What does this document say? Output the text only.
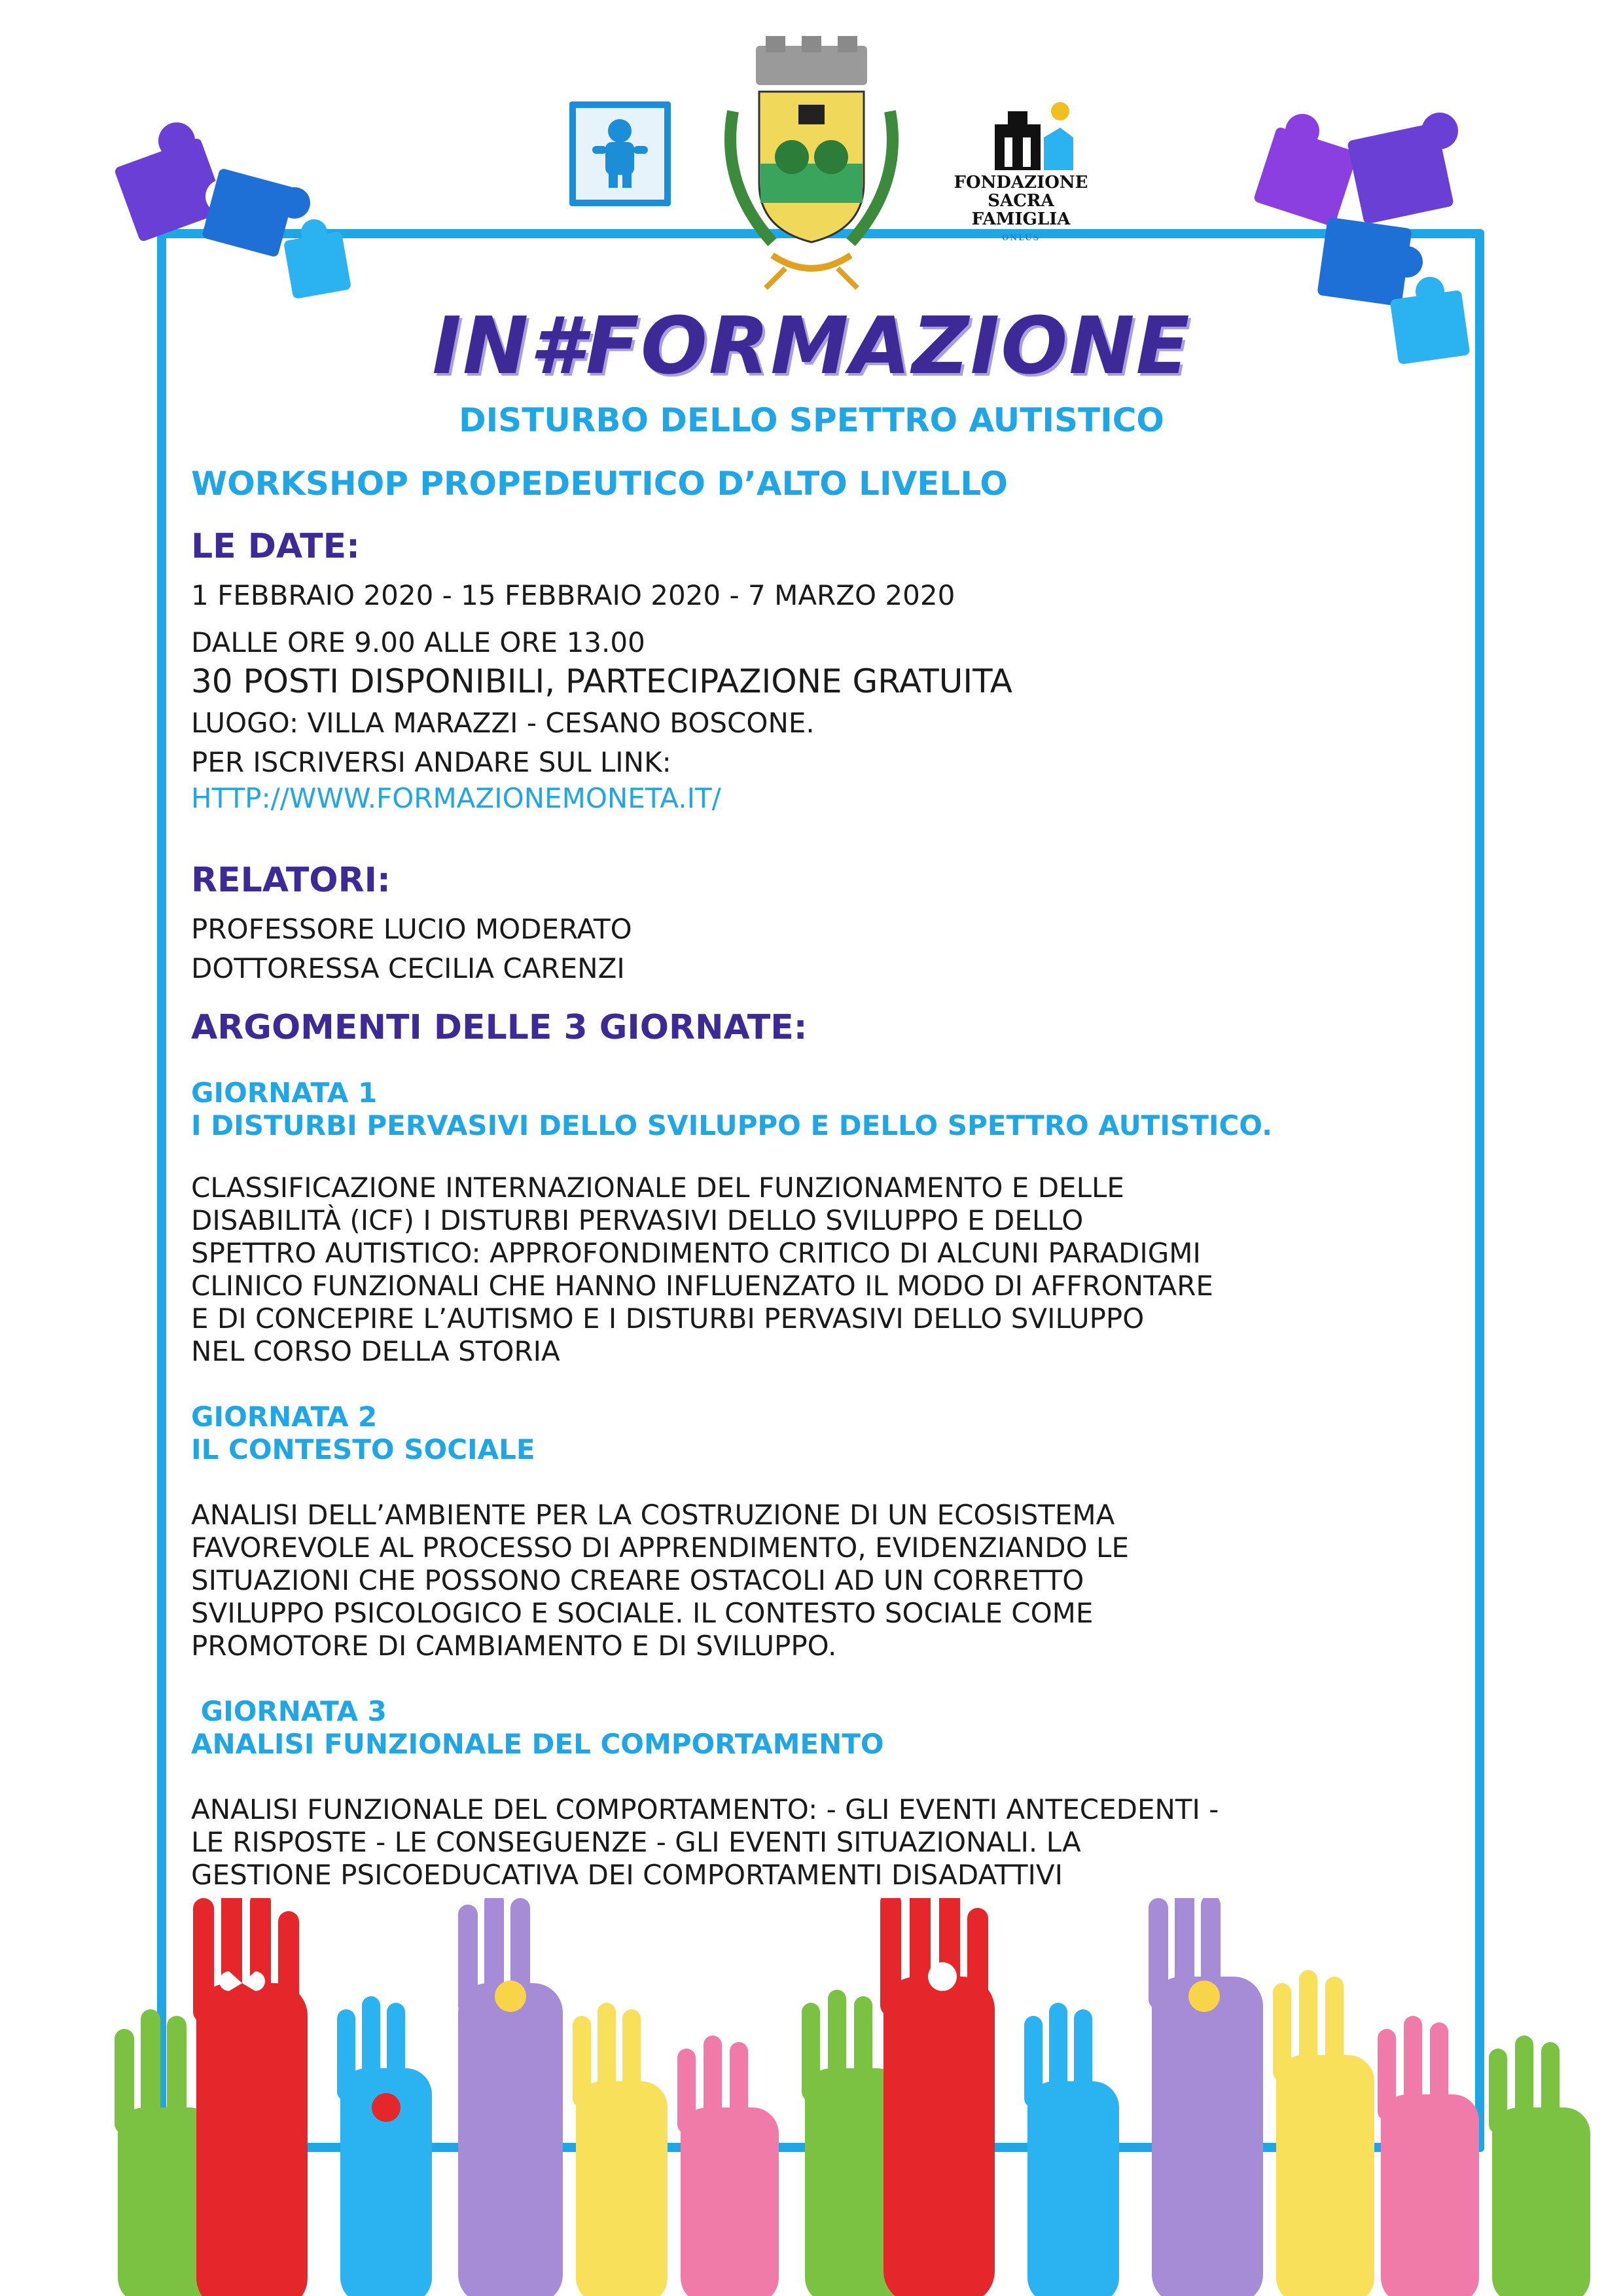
FONDAZIONE SACRA FAMIGLIA
ONLUS
IN#FORMAZIONE
DISTURBO DELLO SPETTRO AUTISTICO
WORKSHOP PROPEDEUTICO D’ALTO LIVELLO
LE DATE:
1 FEBBRAIO 2020 - 15 FEBBRAIO 2020 - 7 MARZO 2020
DALLE ORE 9.00 ALLE ORE 13.00
30 POSTI DISPONIBILI, PARTECIPAZIONE GRATUITA
LUOGO: VILLA MARAZZI - CESANO BOSCONE.
PER ISCRIVERSI ANDARE SUL LINK:
HTTP://WWW.FORMAZIONEMONETA.IT/
RELATORI:
PROFESSORE LUCIO MODERATO
DOTTORESSA CECILIA CARENZI
ARGOMENTI DELLE 3 GIORNATE:
GIORNATA 1
I DISTURBI PERVASIVI DELLO SVILUPPO E DELLO SPETTRO AUTISTICO.
CLASSIFICAZIONE INTERNAZIONALE DEL FUNZIONAMENTO E DELLE
DISABILITÀ (ICF) I DISTURBI PERVASIVI DELLO SVILUPPO E DELLO
SPETTRO AUTISTICO: APPROFONDIMENTO CRITICO DI ALCUNI PARADIGMI
CLINICO FUNZIONALI CHE HANNO INFLUENZATO IL MODO DI AFFRONTARE
E DI CONCEPIRE L’AUTISMO E I DISTURBI PERVASIVI DELLO SVILUPPO
NEL CORSO DELLA STORIA
GIORNATA 2
IL CONTESTO SOCIALE
ANALISI DELL’AMBIENTE PER LA COSTRUZIONE DI UN ECOSISTEMA
FAVOREVOLE AL PROCESSO DI APPRENDIMENTO, EVIDENZIANDO LE
SITUAZIONI CHE POSSONO CREARE OSTACOLI AD UN CORRETTO
SVILUPPO PSICOLOGICO E SOCIALE. IL CONTESTO SOCIALE COME
PROMOTORE DI CAMBIAMENTO E DI SVILUPPO.
GIORNATA 3
ANALISI FUNZIONALE DEL COMPORTAMENTO
ANALISI FUNZIONALE DEL COMPORTAMENTO: - GLI EVENTI ANTECEDENTI -
LE RISPOSTE - LE CONSEGUENZE - GLI EVENTI SITUAZIONALI. LA
GESTIONE PSICOEDUCATIVA DEI COMPORTAMENTI DISADATTIVI
